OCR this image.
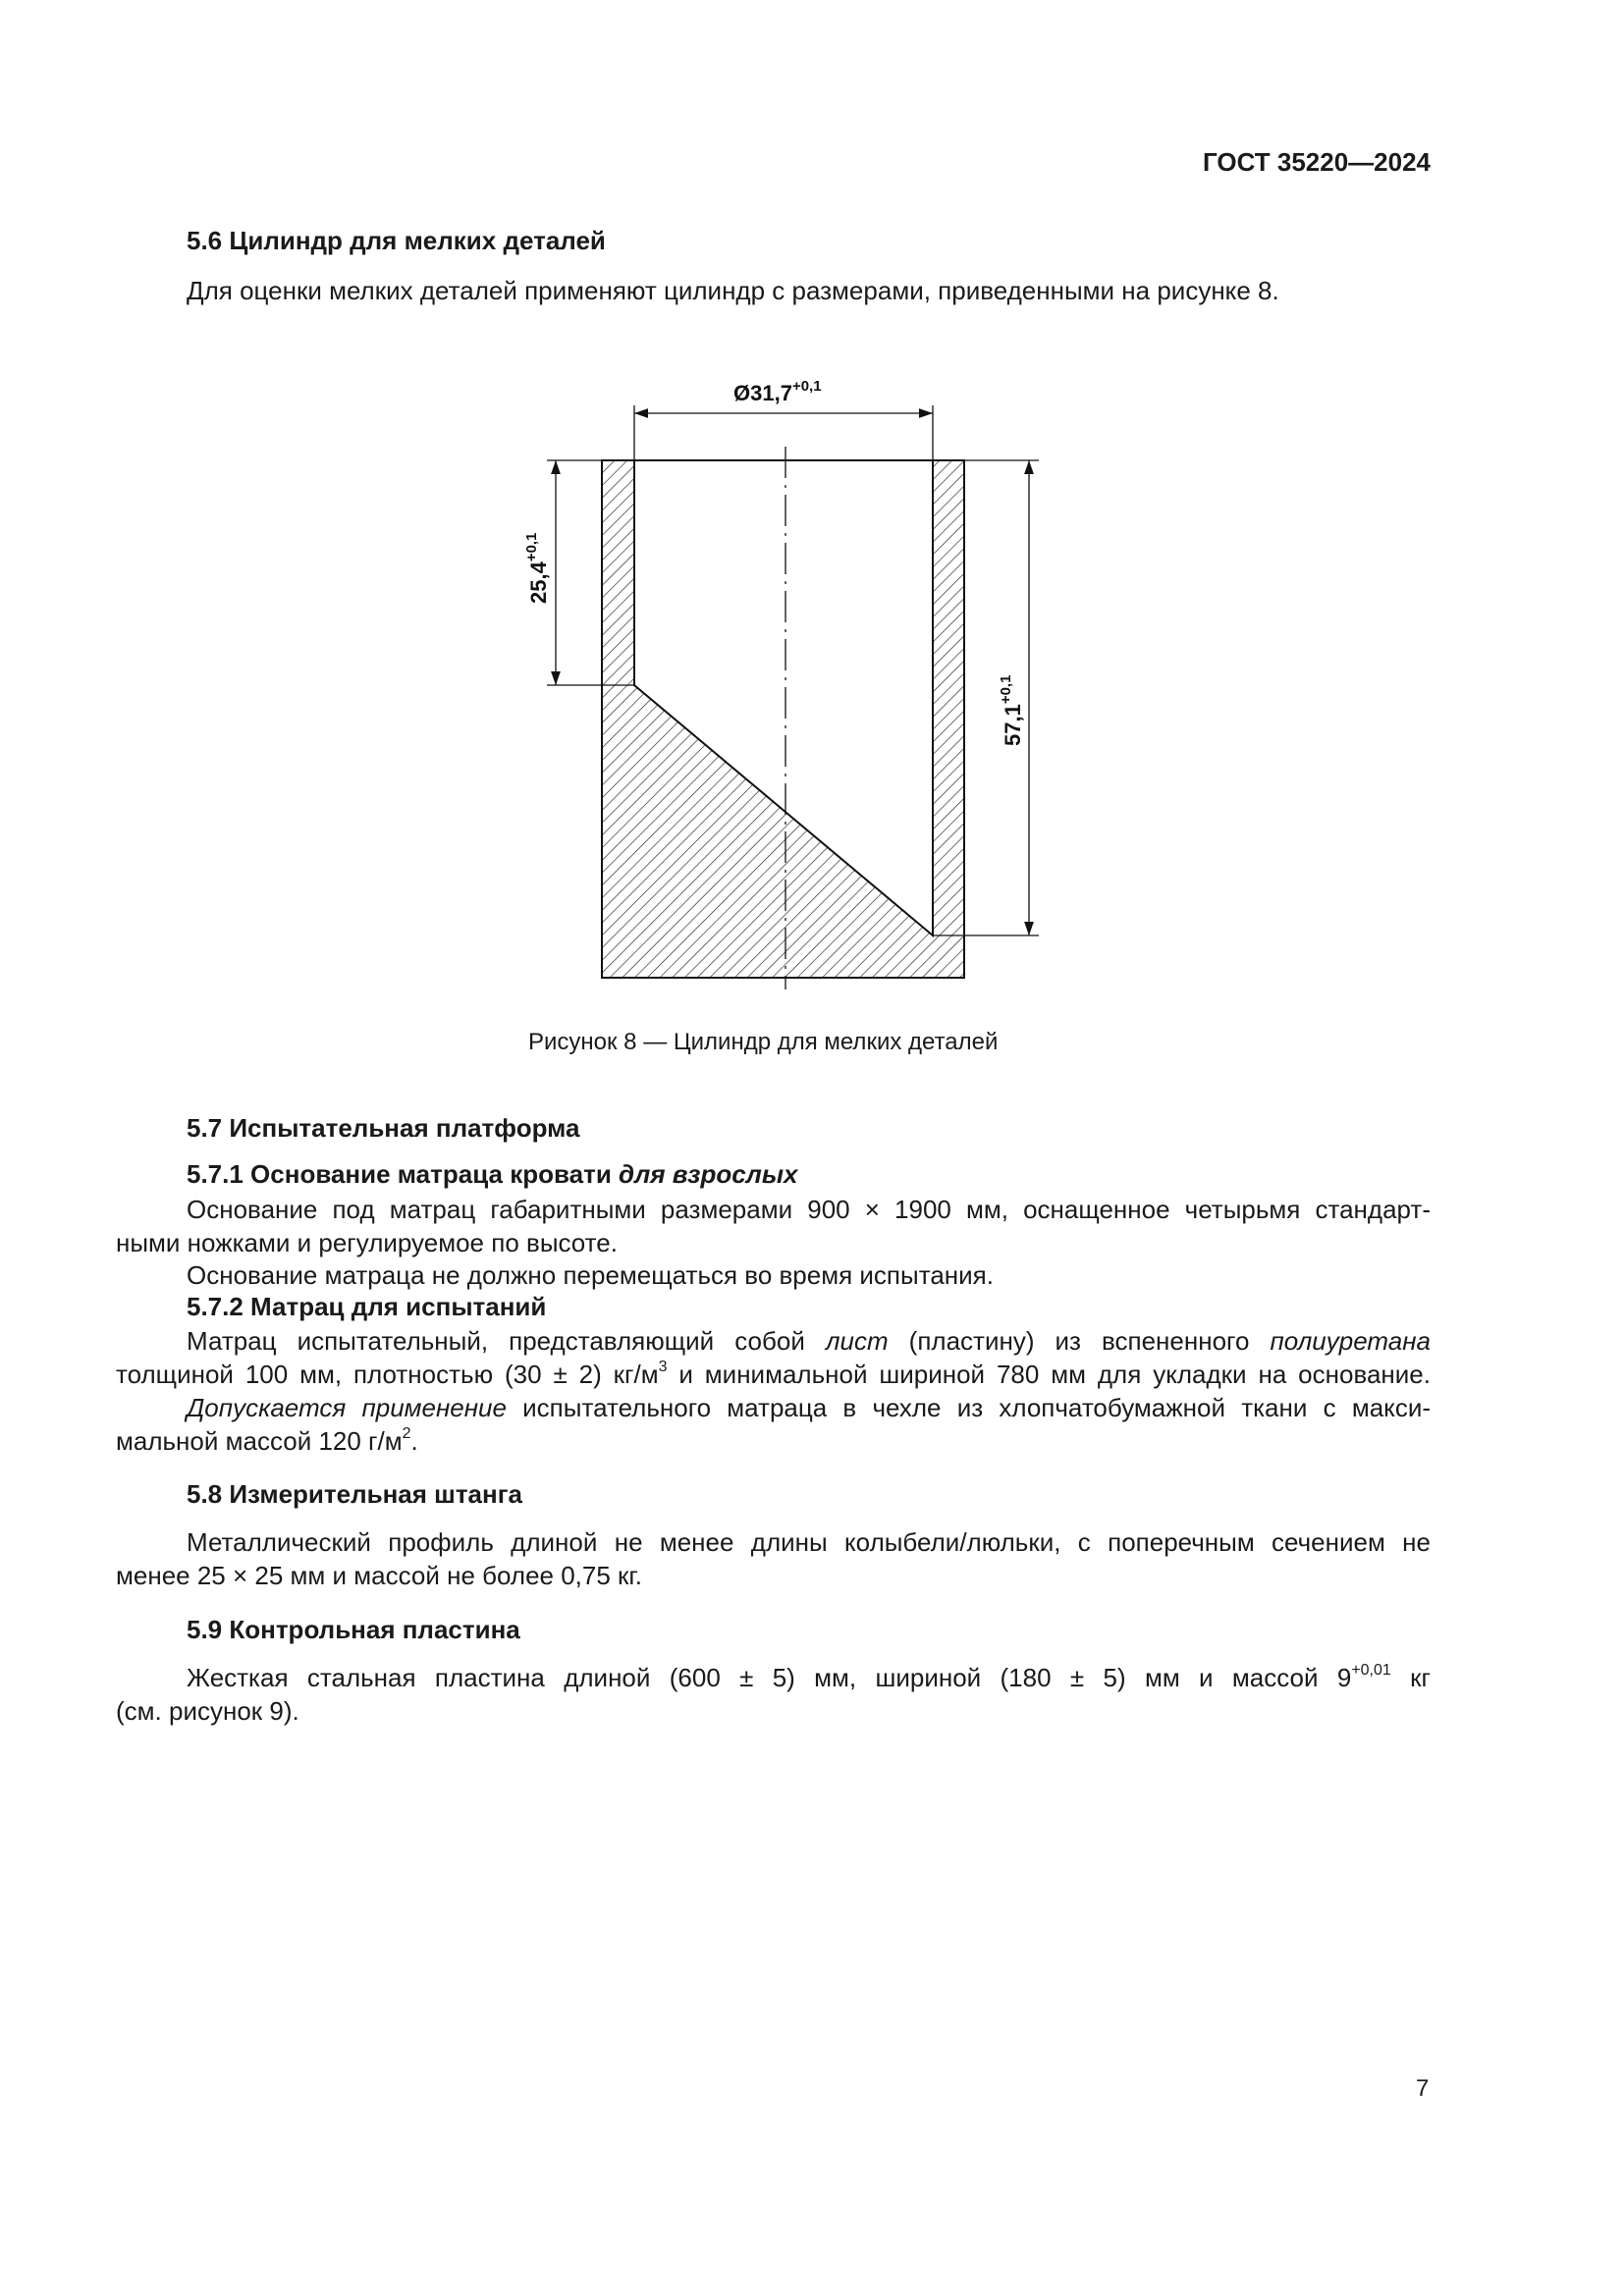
ГОСТ 35220—2024
5.6 Цилиндр для мелких деталей
Для оценки мелких деталей применяют цилиндр с размерами, приведенными на рисунке 8.
$Ø31,7^{+0,1}$
$25,4^{+0,1}$
$57,1^{+0,1}$
Рисунок 8 — Цилиндр для мелких деталей
5.7 Испытательная платформа
5.7.1 Основание матраца кровати для взрослых
Основание под матрац габаритными размерами 900 × 1900 мм, оснащенное четырьмя стандарт-
ными ножками и регулируемое по высоте.
Основание матраца не должно перемещаться во время испытания.
5.7.2 Матрац для испытаний
Матрац испытательный, представляющий собой лист (пластину) из вспененного полиуретана
толщиной 100 мм, плотностью (30 ± 2) $кг/м^3$ и минимальной шириной 780 мм для укладки на основание.
Допускается применение испытательного матраца в чехле из хлопчатобумажной ткани с макси-
мальной массой 120 $г/м^2$.
5.8 Измерительная штанга
Металлический профиль длиной не менее длины колыбели/люльки, с поперечным сечением не
менее 25 × 25 мм и массой не более 0,75 кг.
5.9 Контрольная пластина
Жесткая стальная пластина длиной (600 ± 5) мм, шириной (180 ± 5) мм и массой $9^{+0,01}$ кг
(см. рисунок 9).
7
